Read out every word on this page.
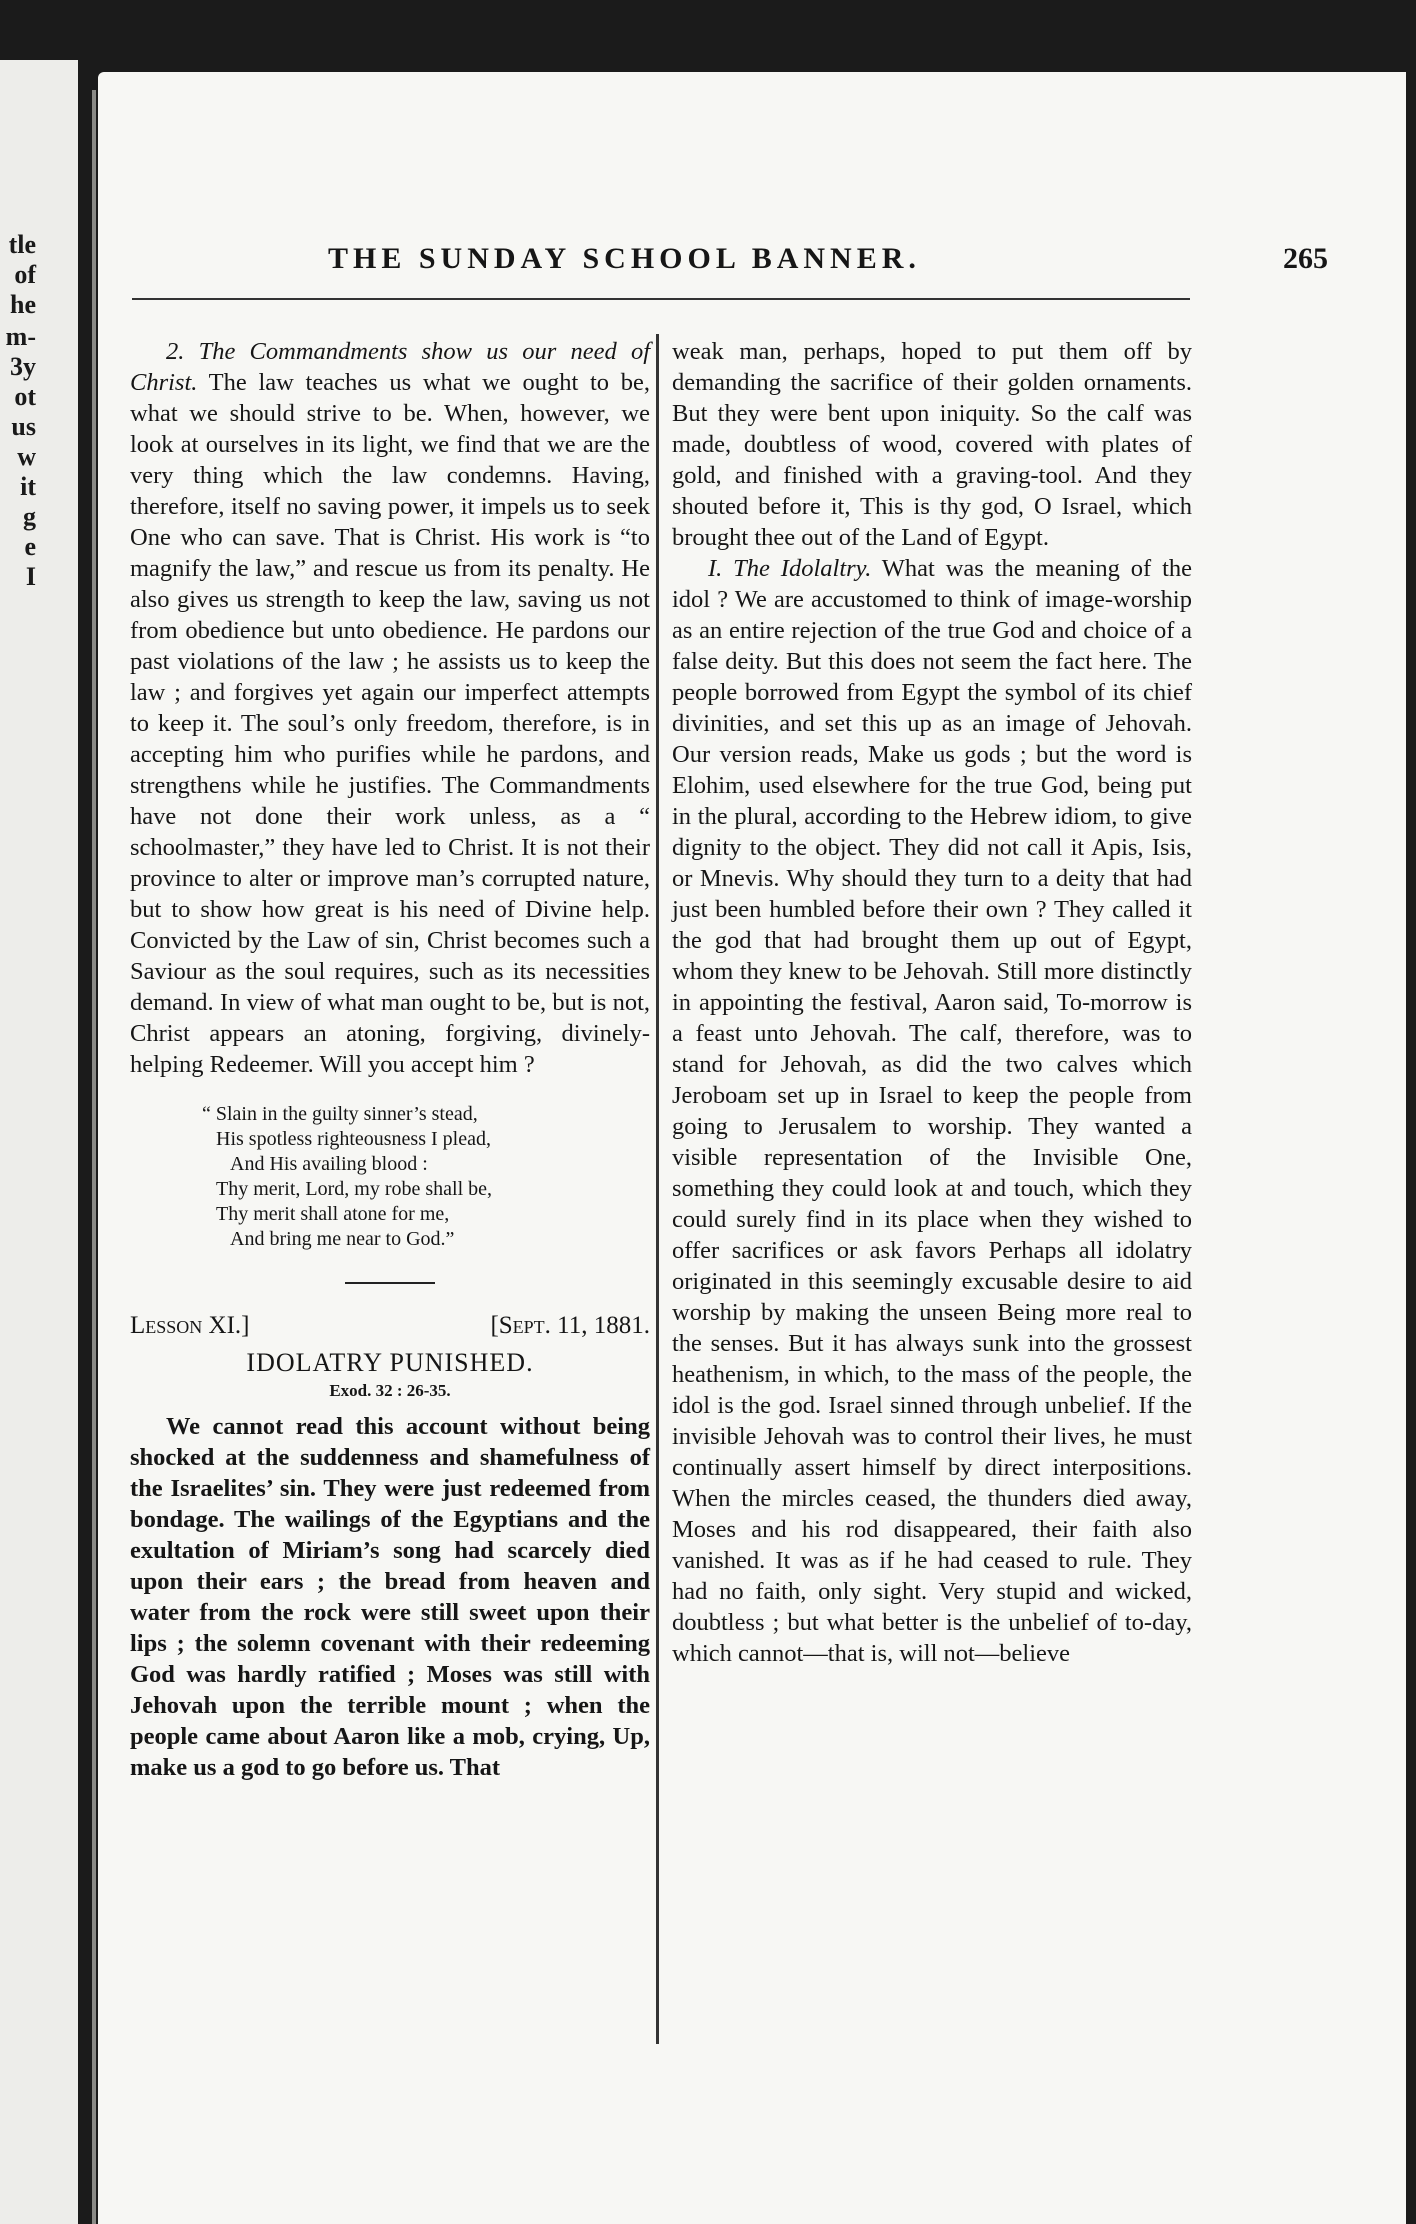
tle
of
he
m-
3y
ot
us
w
it
g
e
I
THE SUNDAY SCHOOL BANNER.	265

2. The Commandments show us our need of Christ. The law teaches us what we ought to be, what we should strive to be. When, however, we look at ourselves in its light, we find that we are the very thing which the law condemns. Having, therefore, itself no saving power, it impels us to seek One who can save. That is Christ. His work is “to magnify the law,” and rescue us from its penalty. He also gives us strength to keep the law, saving us not from obedience but unto obedience. He pardons our past violations of the law ; he assists us to keep the law ; and forgives yet again our imperfect attempts to keep it. The soul’s only freedom, therefore, is in accepting him who purifies while he pardons, and strengthens while he justifies. The Commandments have not done their work unless, as a “ schoolmaster,” they have led to Christ. It is not their province to alter or improve man’s corrupted nature, but to show how great is his need of Divine help. Convicted by the Law of sin, Christ becomes such a Saviour as the soul requires, such as its necessities demand. In view of what man ought to be, but is not, Christ appears an atoning, forgiving, divinely-helping Redeemer. Will you accept him ?

“ Slain in the guilty sinner’s stead,
His spotless righteousness I plead,
And His availing blood :
Thy merit, Lord, my robe shall be,
Thy merit shall atone for me,
And bring me near to God.”
Lesson XI.]	[Sept. 11, 1881.
IDOLATRY PUNISHED.
Exod. 32 : 26-35.

We cannot read this account without being shocked at the suddenness and shamefulness of the Israelites’ sin. They were just redeemed from bondage. The wailings of the Egyptians and the exultation of Miriam’s song had scarcely died upon their ears ; the bread from heaven and water from the rock were still sweet upon their lips ; the solemn covenant with their redeeming God was hardly ratified ; Moses was still with Jehovah upon the terrible mount ; when the people came about Aaron like a mob, crying, Up, make us a god to go before us. That

weak man, perhaps, hoped to put them off by demanding the sacrifice of their golden ornaments. But they were bent upon iniquity. So the calf was made, doubtless of wood, covered with plates of gold, and finished with a graving-tool. And they shouted before it, This is thy god, O Israel, which brought thee out of the Land of Egypt.

I. The Idolaltry. What was the meaning of the idol ? We are accustomed to think of image-worship as an entire rejection of the true God and choice of a false deity. But this does not seem the fact here. The people borrowed from Egypt the symbol of its chief divinities, and set this up as an image of Jehovah. Our version reads, Make us gods ; but the word is Elohim, used elsewhere for the true God, being put in the plural, according to the Hebrew idiom, to give dignity to the object. They did not call it Apis, Isis, or Mnevis. Why should they turn to a deity that had just been humbled before their own ? They called it the god that had brought them up out of Egypt, whom they knew to be Jehovah. Still more distinctly in appointing the festival, Aaron said, To-morrow is a feast unto Jehovah. The calf, therefore, was to stand for Jehovah, as did the two calves which Jeroboam set up in Israel to keep the people from going to Jerusalem to worship. They wanted a visible representation of the Invisible One, something they could look at and touch, which they could surely find in its place when they wished to offer sacrifices or ask favors Perhaps all idolatry originated in this seemingly excusable desire to aid worship by making the unseen Being more real to the senses. But it has always sunk into the grossest heathenism, in which, to the mass of the people, the idol is the god. Israel sinned through unbelief. If the invisible Jehovah was to control their lives, he must continually assert himself by direct interpositions. When the mircles ceased, the thunders died away, Moses and his rod disappeared, their faith also vanished. It was as if he had ceased to rule. They had no faith, only sight. Very stupid and wicked, doubtless ; but what better is the unbelief of to-day, which cannot—that is, will not—believe
